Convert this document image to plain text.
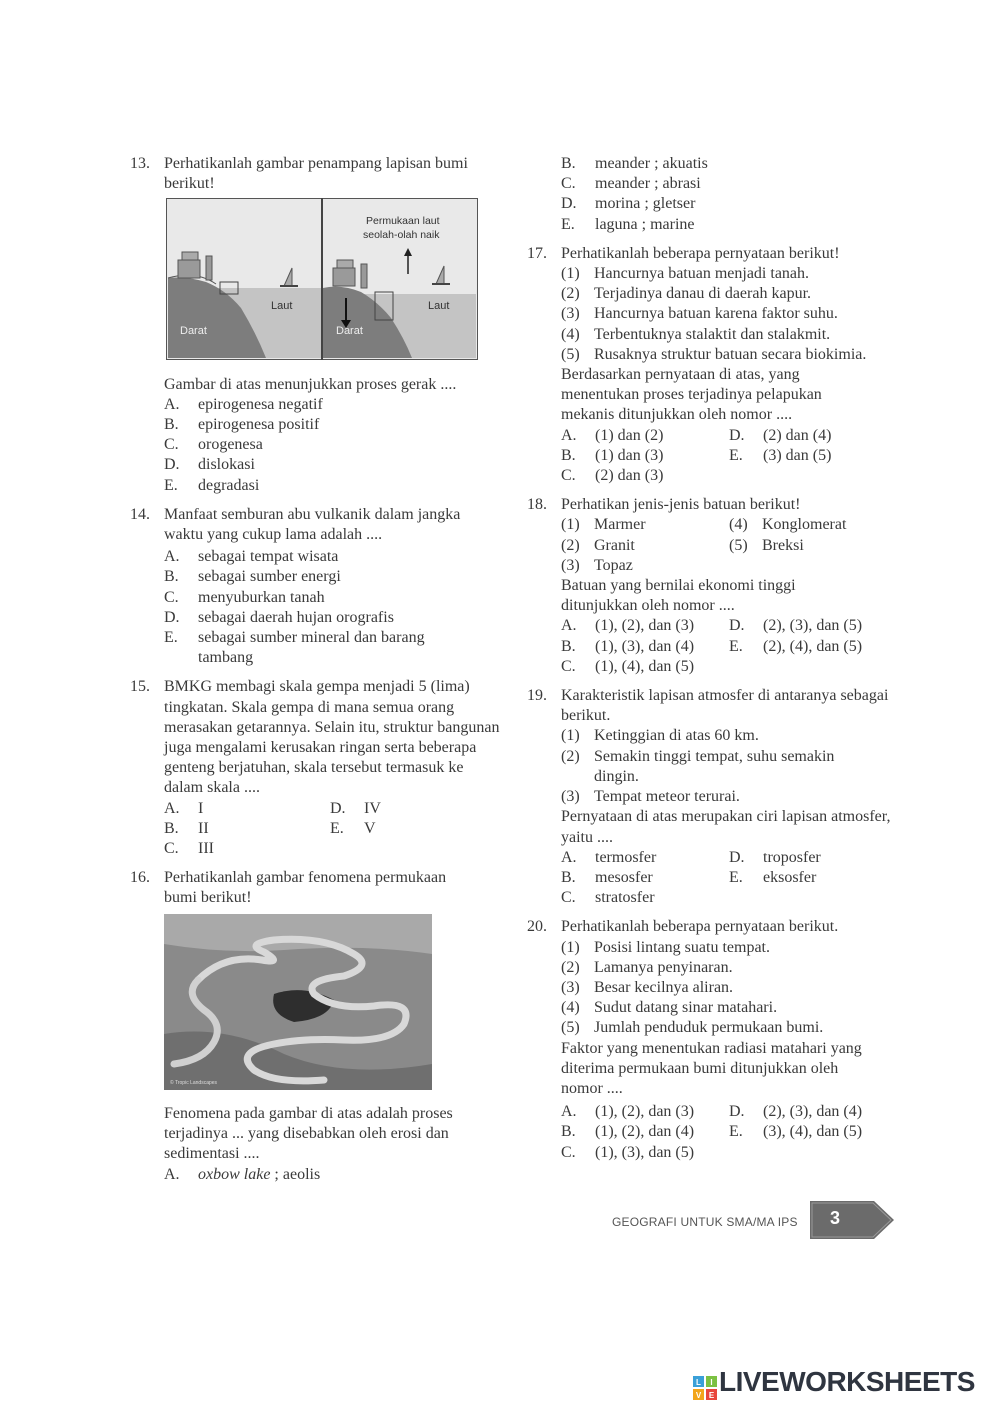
13. Perhatikanlah gambar penampang lapisan bumi berikut!
Permukaan laut
seolah-olah naik
Laut	Laut
Darat	Darat
Gambar di atas menunjukkan proses gerak ....
A. epirogenesa negatif
B. epirogenesa positif
C. orogenesa
D. dislokasi
E. degradasi
14. Manfaat semburan abu vulkanik dalam jangka waktu yang cukup lama adalah ....
A. sebagai tempat wisata
B. sebagai sumber energi
C. menyuburkan tanah
D. sebagai daerah hujan orografis
E. sebagai sumber mineral dan barang tambang
15. BMKG membagi skala gempa menjadi 5 (lima) tingkatan. Skala gempa di mana semua orang merasakan getarannya. Selain itu, struktur bangunan juga mengalami kerusakan ringan serta beberapa genteng berjatuhan, skala tersebut termasuk ke dalam skala ....
A. I	D. IV
B. II	E. V
C. III
16. Perhatikanlah gambar fenomena permukaan bumi berikut!
© Tropic Landscapes
Fenomena pada gambar di atas adalah proses terjadinya ... yang disebabkan oleh erosi dan sedimentasi ....
A. oxbow lake ; aeolis
B. meander ; akuatis
C. meander ; abrasi
D. morina ; gletser
E. laguna ; marine
17. Perhatikanlah beberapa pernyataan berikut!
(1) Hancurnya batuan menjadi tanah.
(2) Terjadinya danau di daerah kapur.
(3) Hancurnya batuan karena faktor suhu.
(4) Terbentuknya stalaktit dan stalakmit.
(5) Rusaknya struktur batuan secara biokimia.
Berdasarkan pernyataan di atas, yang menentukan proses terjadinya pelapukan mekanis ditunjukkan oleh nomor ....
A. (1) dan (2)	D. (2) dan (4)
B. (1) dan (3)	E. (3) dan (5)
C. (2) dan (3)
18. Perhatikan jenis-jenis batuan berikut!
(1) Marmer	(4) Konglomerat
(2) Granit	(5) Breksi
(3) Topaz
Batuan yang bernilai ekonomi tinggi ditunjukkan oleh nomor ....
A. (1), (2), dan (3)	D. (2), (3), dan (5)
B. (1), (3), dan (4)	E. (2), (4), dan (5)
C. (1), (4), dan (5)
19. Karakteristik lapisan atmosfer di antaranya sebagai berikut.
(1) Ketinggian di atas 60 km.
(2) Semakin tinggi tempat, suhu semakin dingin.
(3) Tempat meteor terurai.
Pernyataan di atas merupakan ciri lapisan atmosfer, yaitu ....
A. termosfer	D. troposfer
B. mesosfer	E. eksosfer
C. stratosfer
20. Perhatikanlah beberapa pernyataan berikut.
(1) Posisi lintang suatu tempat.
(2) Lamanya penyinaran.
(3) Besar kecilnya aliran.
(4) Sudut datang sinar matahari.
(5) Jumlah penduduk permukaan bumi.
Faktor yang menentukan radiasi matahari yang diterima permukaan bumi ditunjukkan oleh nomor ....
A. (1), (2), dan (3)	D. (2), (3), dan (4)
B. (1), (2), dan (4)	E. (3), (4), dan (5)
C. (1), (3), dan (5)
GEOGRAFI UNTUK SMA/MA IPS	3
L I
V E LIVEWORKSHEETS
